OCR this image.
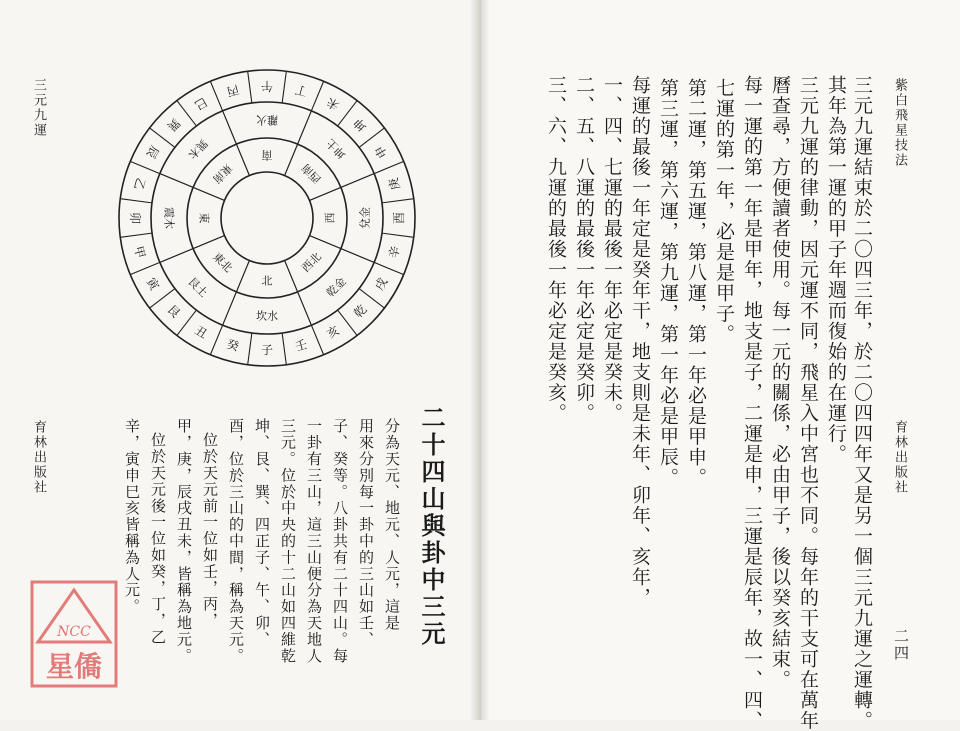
三元九運
育林出版社
北
東北
東
東南
南
西南
西
西北
坎水
艮土
震木
巽木
離火
坤土
兌金
乾金
壬
子
癸
丑
艮
寅
甲
卯
乙
辰
巽
巳
丙 午 丁
未
坤
申
庚
酉
辛
戌
乾
亥
二十四山與卦中三元
分為天元、地元、人元，這是
用來分別每一卦中的三山如壬、
子、癸等。八卦共有二十四山。每
一卦有三山，這三山便分為天地人
三元。位於中央的十二山如四維乾
坤、艮、巽、四正子、午、卯、
酉，位於三山的中間，稱為天元。
位於天元前一位如壬，丙，
甲，庚，辰戌丑未，皆稱為地元。
位於天元後一位如癸，丁，乙
辛，寅申巳亥皆稱為人元。
NCC
星僑
紫白飛星技法
育林出版社
二四
三元九運結束於二〇四三年，於二〇四四年又是另一個三元九運之運轉。
其年為第一運的甲子年週而復始的在運行。
三元九運的律動，因元運不同，飛星入中宮也不同。每年的干支可在萬年
曆查尋，方便讀者使用。每一元的關係，必由甲子，後以癸亥結束。
每一運的第一年是甲年，地支是子，二運是申，三運是辰年，故一、四、
七運的第一年，必是是甲子。
第二運，第五運，第八運，第一年必是甲申。
第三運，第六運，第九運，第一年必是甲辰。
每運的最後一年定是癸年干，地支則是未年、卯年、亥年，
一、四、七運的最後一年必定是癸未。
二、五、八運的最後一年必定是癸卯。
三、六、九運的最後一年必定是癸亥。
